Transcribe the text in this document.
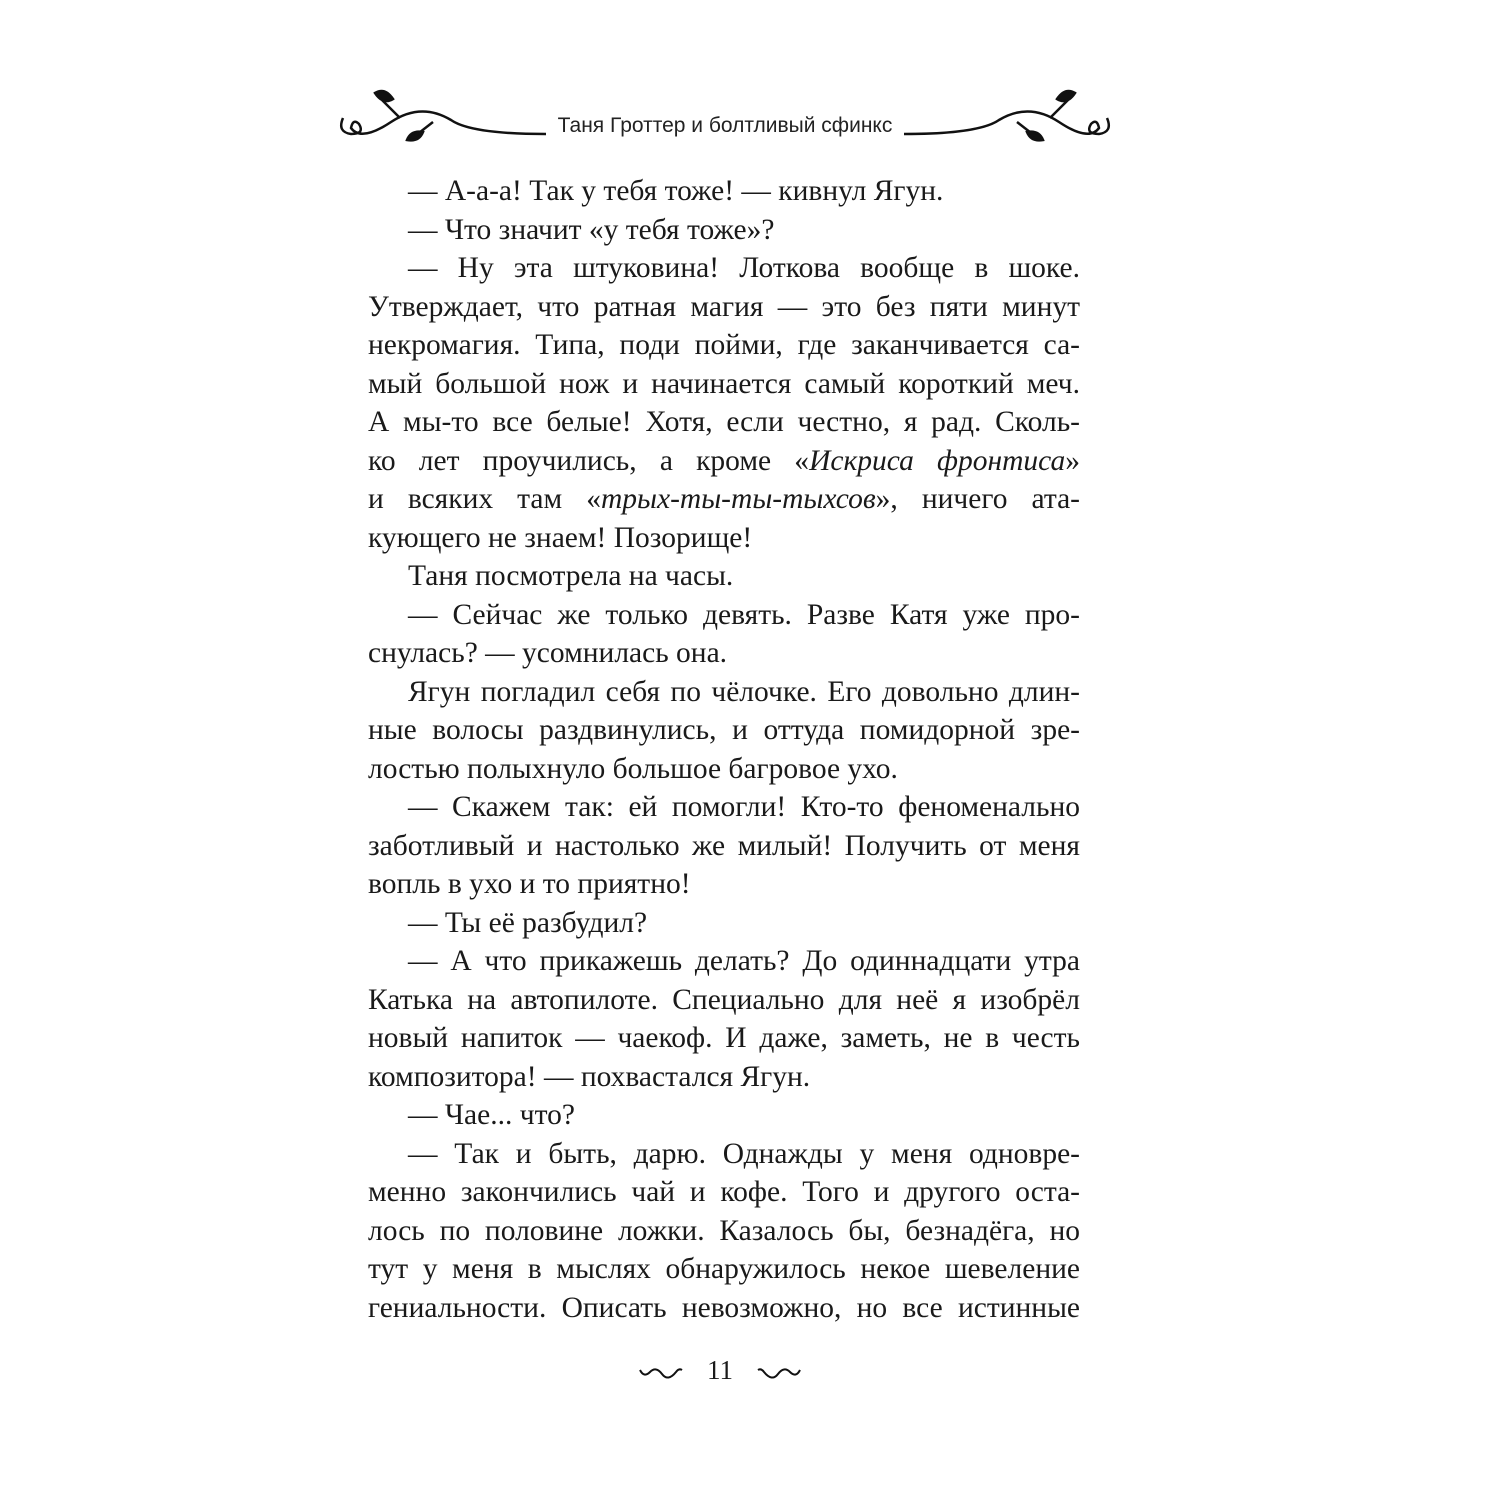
Таня Гроттер и болтливый сфинкс
— А-а-а! Так у тебя тоже! — кивнул Ягун.
— Что значит «у тебя тоже»?
— Ну эта штуковина! Лоткова вообще в шоке.
Утверждает, что ратная магия — это без пяти минут
некромагия. Типа, поди пойми, где заканчивается са-
мый большой нож и начинается самый короткий меч.
А мы-то все белые! Хотя, если честно, я рад. Сколь-
ко лет проучились, а кроме «Искриса фронтиса»
и всяких там «трых-ты-ты-тыхсов», ничего ата-
кующего не знаем! Позорище!
Таня посмотрела на часы.
— Сейчас же только девять. Разве Катя уже про-
снулась? — усомнилась она.
Ягун погладил себя по чёлочке. Его довольно длин-
ные волосы раздвинулись, и оттуда помидорной зре-
лостью полыхнуло большое багровое ухо.
— Скажем так: ей помогли! Кто-то феноменально
заботливый и настолько же милый! Получить от меня
вопль в ухо и то приятно!
— Ты её разбудил?
— А что прикажешь делать? До одиннадцати утра
Катька на автопилоте. Специально для неё я изобрёл
новый напиток — чаекоф. И даже, заметь, не в честь
композитора! — похвастался Ягун.
— Чае... что?
— Так и быть, дарю. Однажды у меня одновре-
менно закончились чай и кофе. Того и другого оста-
лось по половине ложки. Казалось бы, безнадёга, но
тут у меня в мыслях обнаружилось некое шевеление
гениальности. Описать невозможно, но все истинные
11
